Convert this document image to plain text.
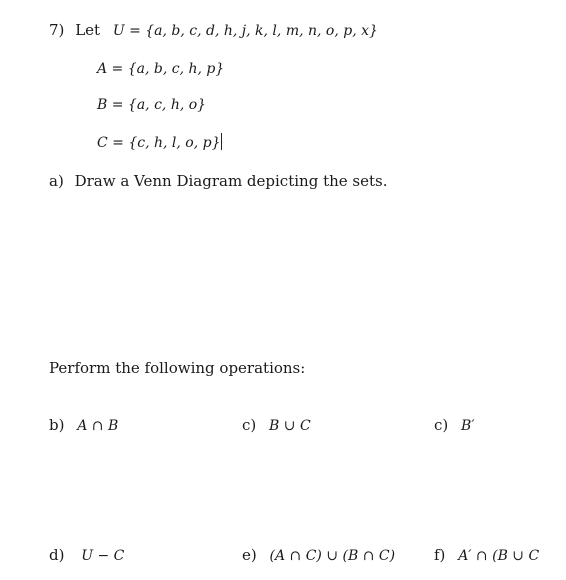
7) Let U = {a, b, c, d, h, j, k, l, m, n, o, p, x}
A = {a, b, c, h, p}
B = {a, c, h, o}
C = {c, h, l, o, p}
a) Draw a Venn Diagram depicting the sets.
Perform the following operations:
b) A ∩ B	c) B ∪ C	c) B′
d) U − C	e) (A ∩ C) ∪ (B ∩ C)	f) A′ ∩ (B ∪ C
